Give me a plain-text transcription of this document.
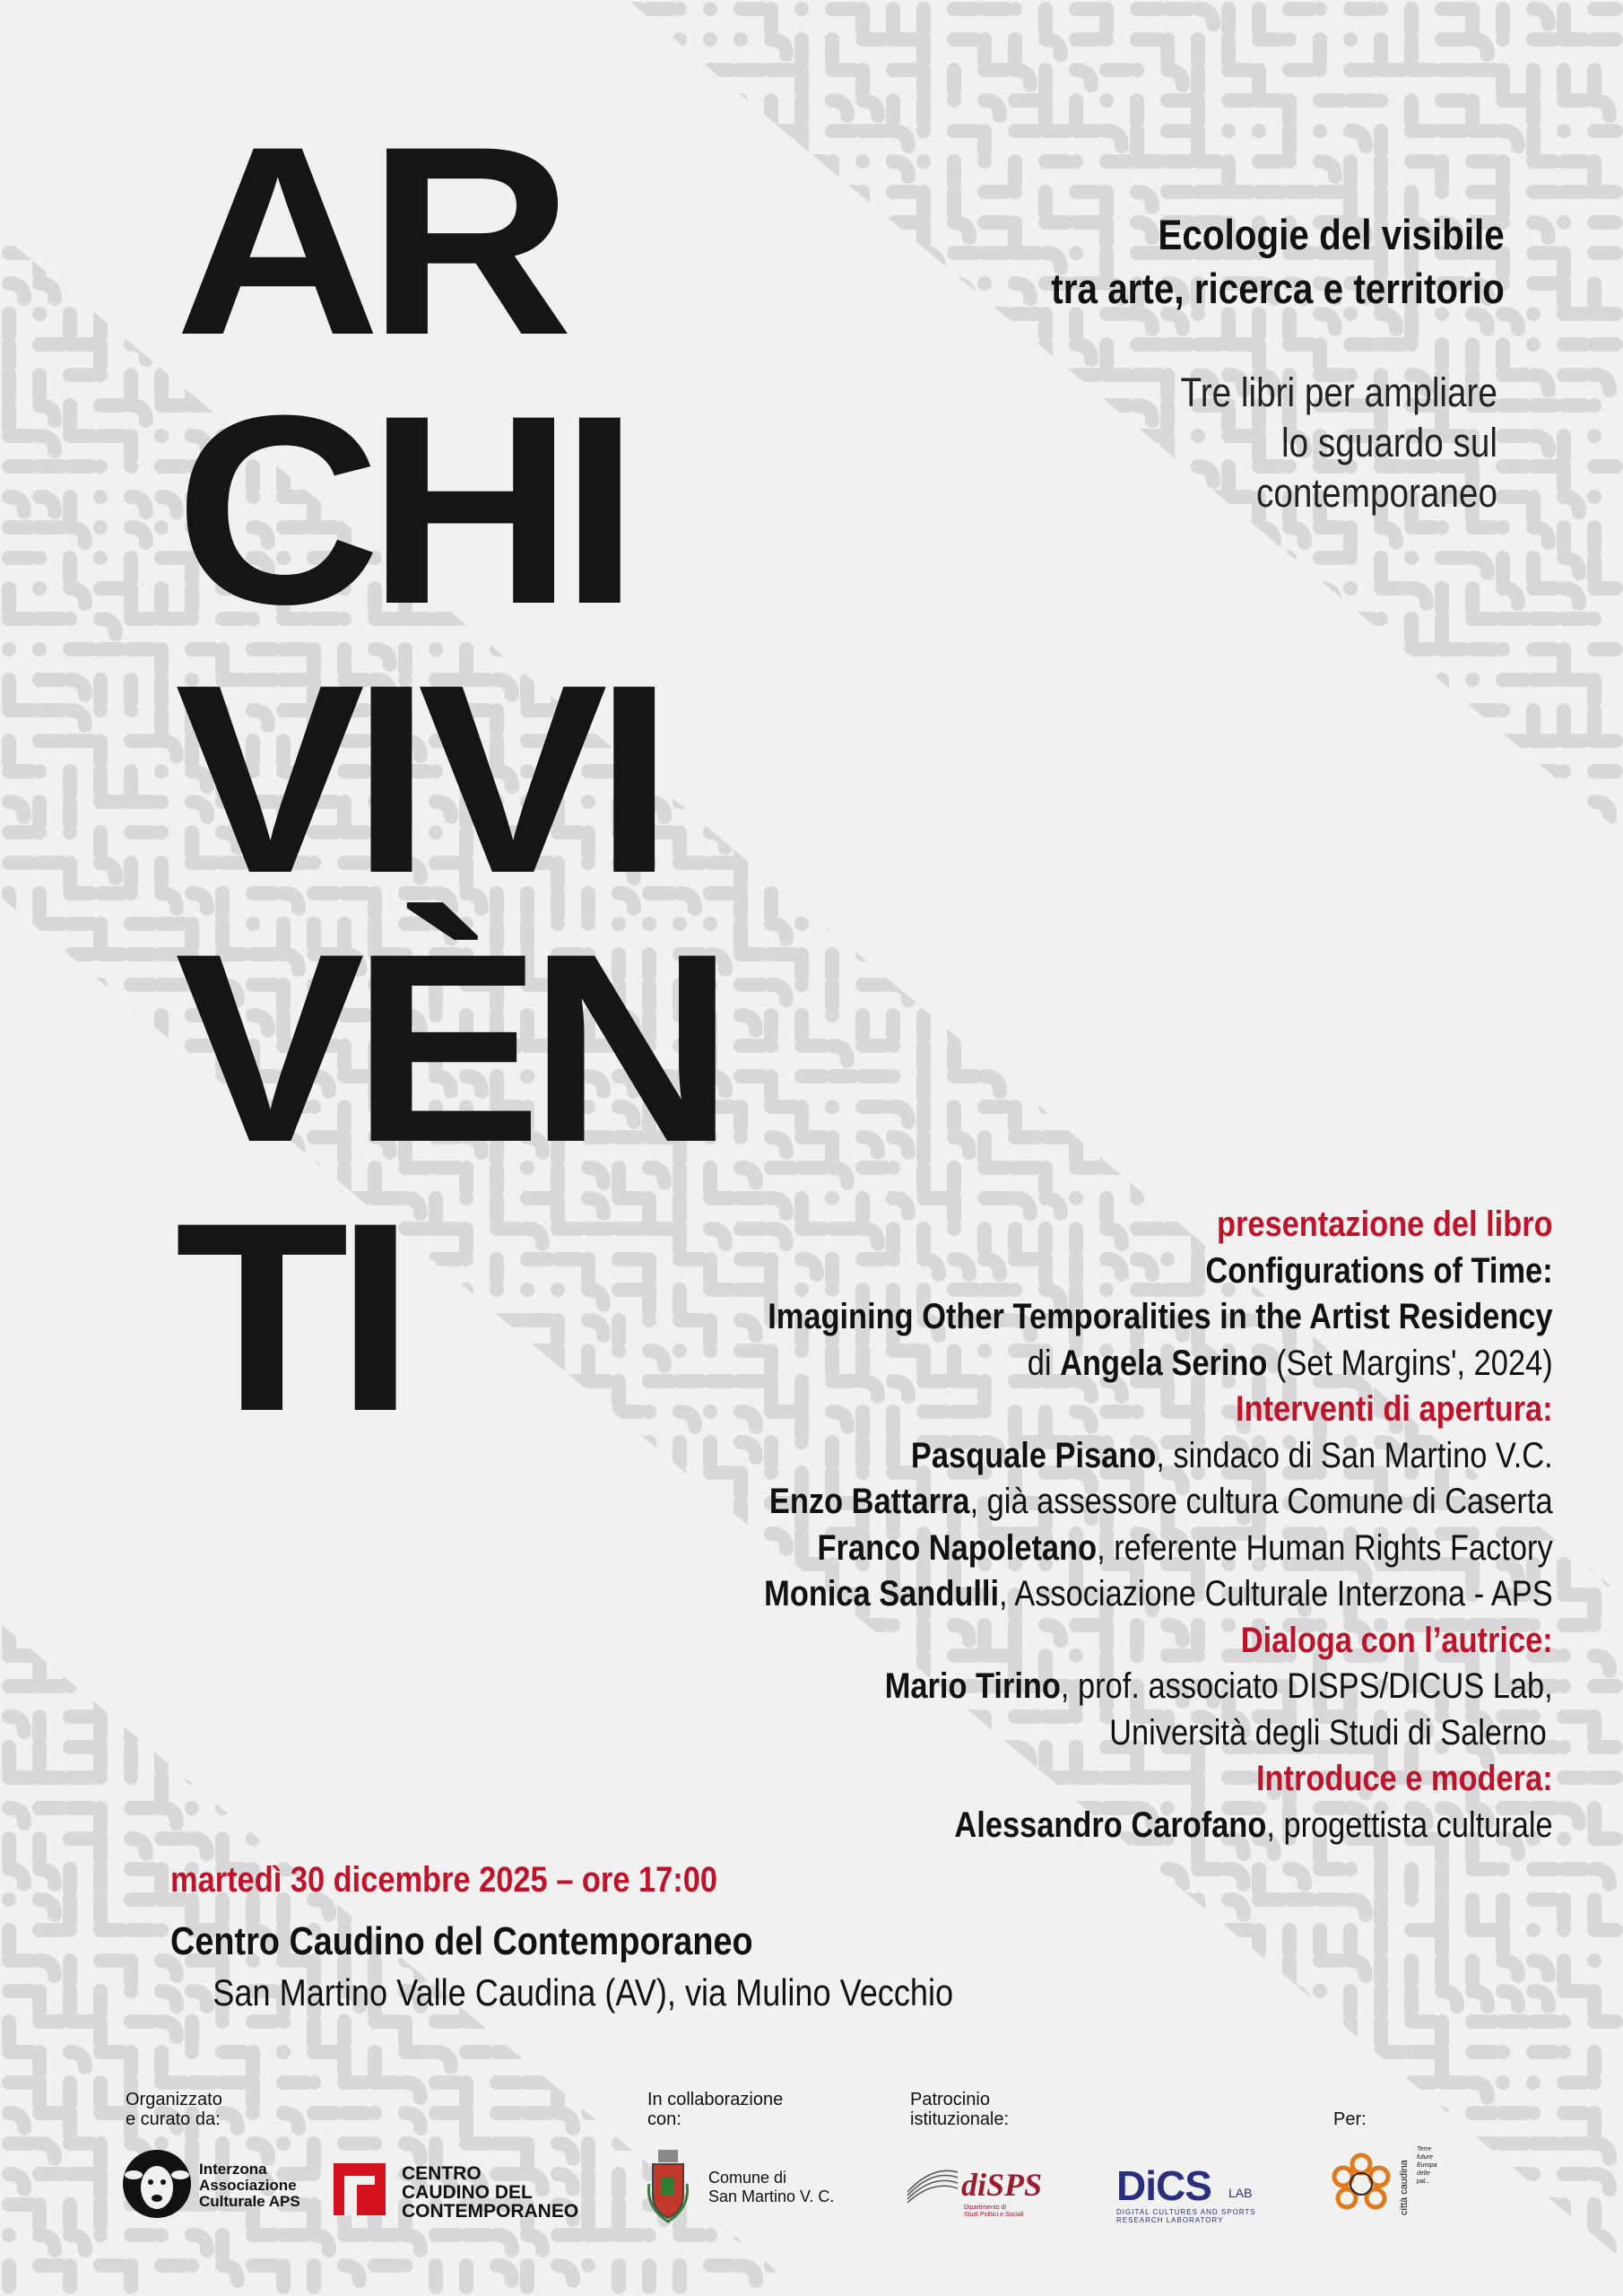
AR
CHI
VIVI
VÈN
TI
Ecologie del visibile
tra arte, ricerca e territorio
Tre libri per ampliare
lo sguardo sul
contemporaneo
presentazione del libro
Configurations of Time:
Imagining Other Temporalities in the Artist Residency
di Angela Serino (Set Margins', 2024)
Interventi di apertura:
Pasquale Pisano, sindaco di San Martino V.C.
Enzo Battarra, già assessore cultura Comune di Caserta
Franco Napoletano, referente Human Rights Factory
Monica Sandulli, Associazione Culturale Interzona - APS
Dialoga con l’autrice:
Mario Tirino, prof. associato DISPS/DICUS Lab,
Università degli Studi di Salerno
Introduce e modera:
Alessandro Carofano, progettista culturale
martedì 30 dicembre 2025 – ore 17:00
Centro Caudino del Contemporaneo
San Martino Valle Caudina (AV), via Mulino Vecchio
Organizzato
e curato da:
In collaborazione
con:
Patrocinio
istituzionale:	Per:
Interzona
Associazione
Culturale APS
CENTRO
CAUDINO DEL
CONTEMPORANEO
Comune di
San Martino V. C.	diSPS
Dipartimento di
Studi Politici e Sociali
DiCS LAB
DIGITAL CULTURES AND SPORTS
RESEARCH LABORATORY
città caudina
Terre
future
Europa
delle
pal...
